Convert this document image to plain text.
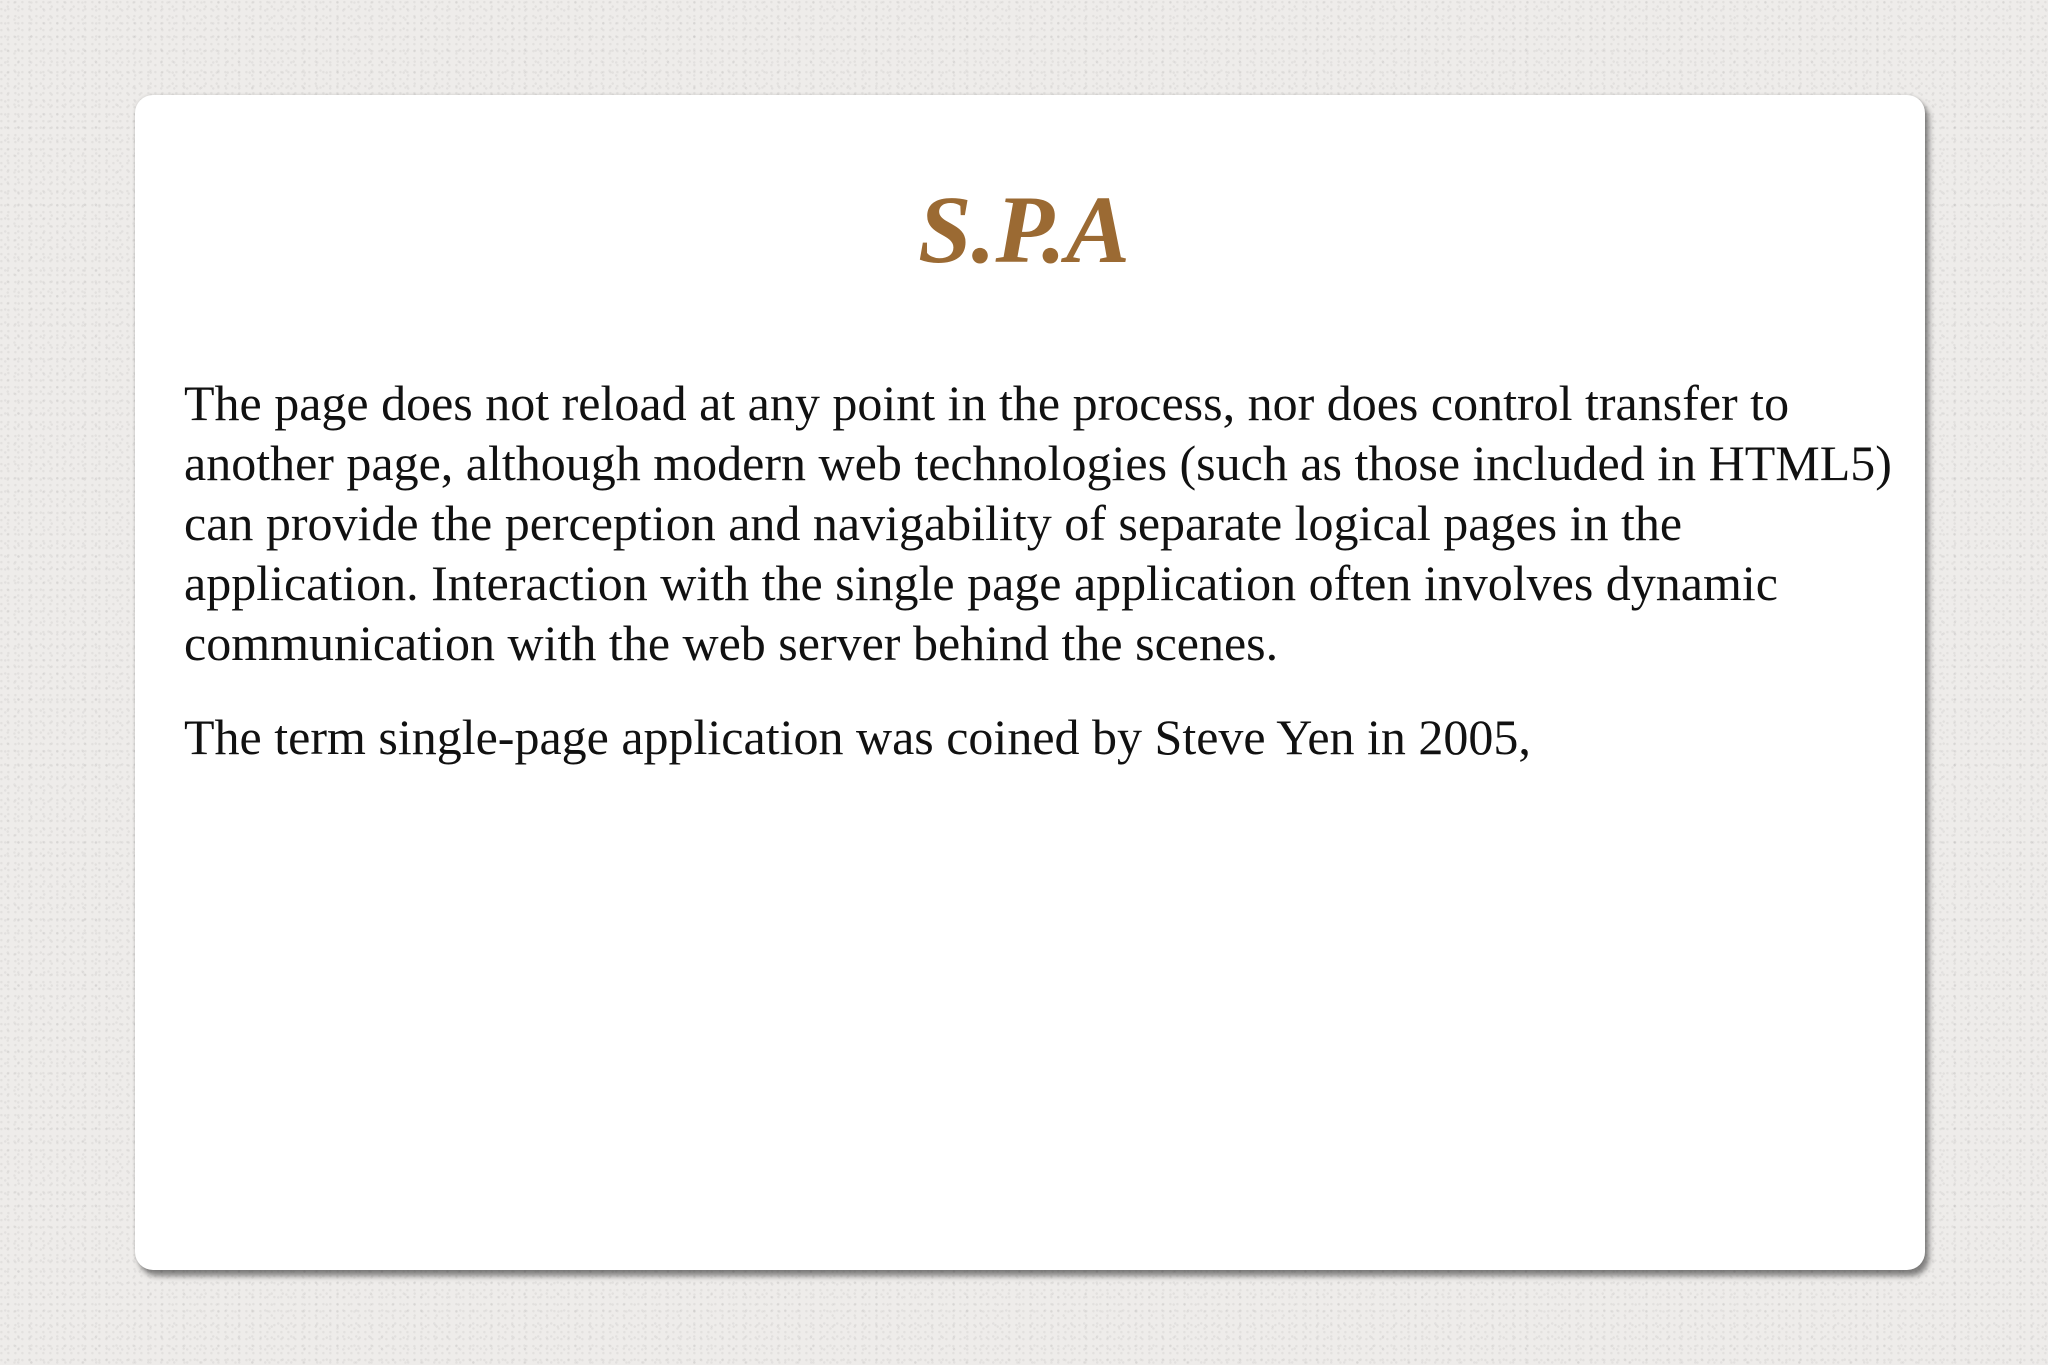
S.P.A

The page does not reload at any point in the process, nor does control transfer to another page, although modern web technologies (such as those included in HTML5) can provide the perception and navigability of separate logical pages in the application. Interaction with the single page application often involves dynamic communication with the web server behind the scenes.

The term single-page application was coined by Steve Yen in 2005,
